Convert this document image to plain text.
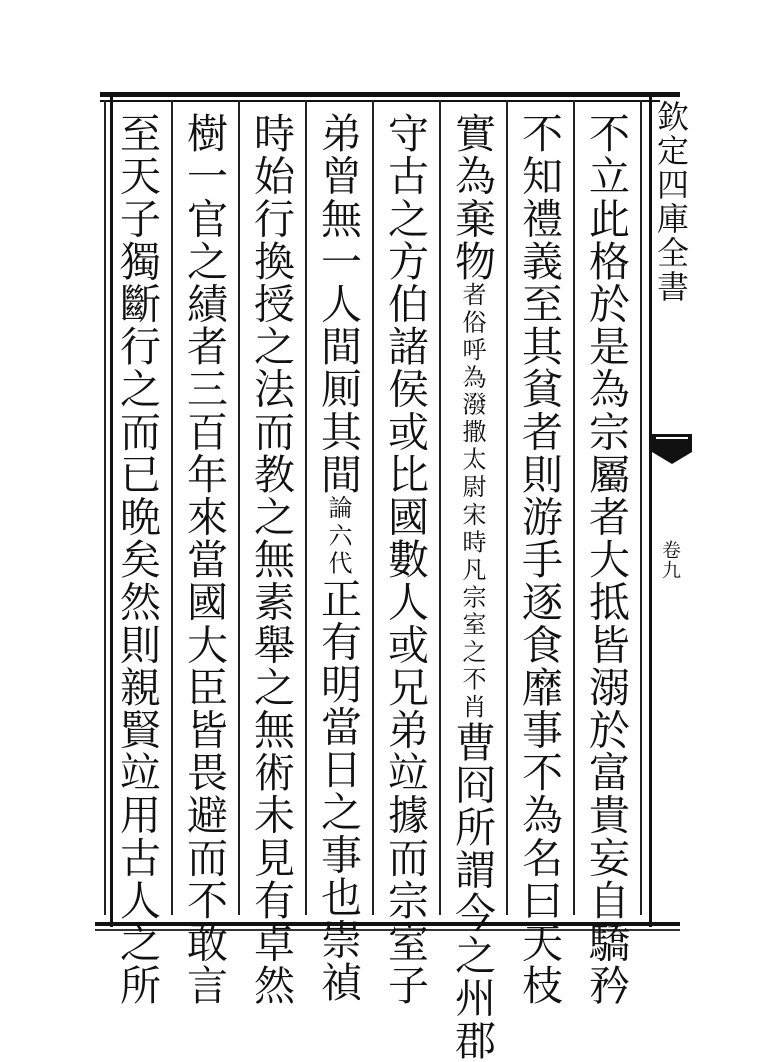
欽定四庫全書
卷九
不立此格於是為宗屬者大抵皆溺於富貴妄自驕矜
不知禮義至其貧者則游手逐食靡事不為名曰天枝
實為棄物
宋時凡宗室之不肖
者俗呼為潑撒太尉
曹冏所謂今之州郡
守古之方伯諸侯或比國數人或兄弟竝據而宗室子
弟曾無一人間厠其間
六代
論
正有明當日之事也崇禎
時始行換授之法而教之無素舉之無術未見有卓然
樹一官之績者三百年來當國大臣皆畏避而不敢言
至天子獨斷行之而已晩矣然則親賢竝用古人之所
